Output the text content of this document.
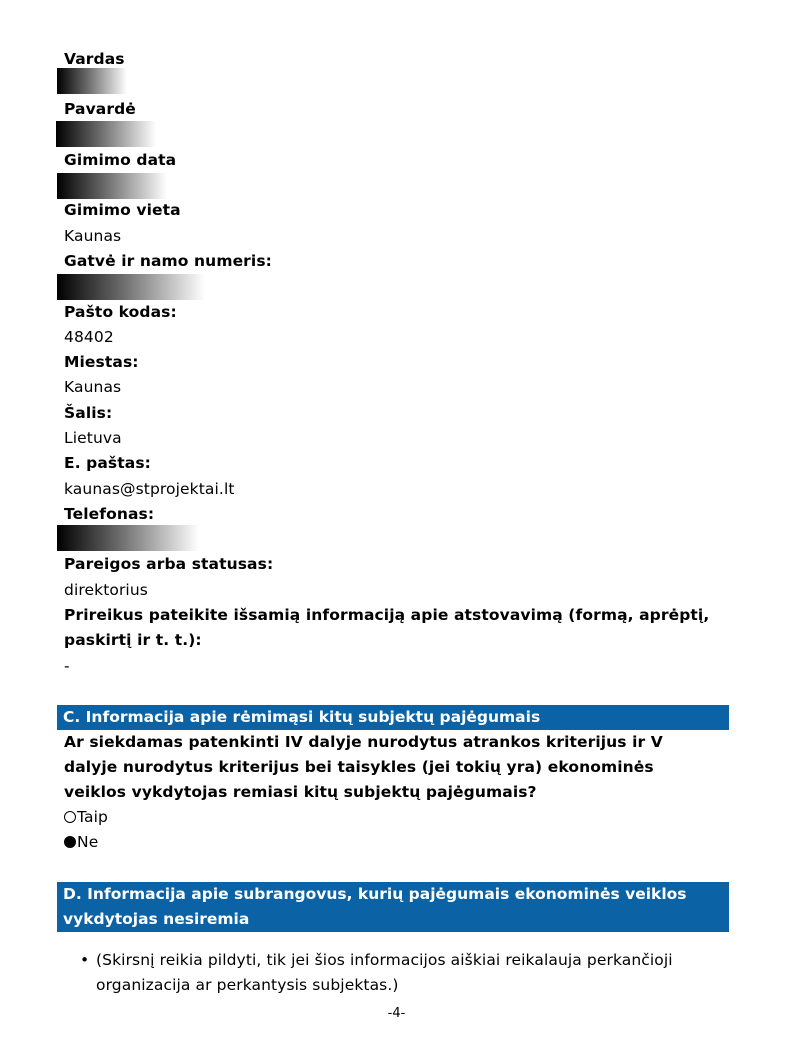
Vardas
Pavardė
Gimimo data
Gimimo vieta
Kaunas
Gatvė ir namo numeris:
Pašto kodas:
48402
Miestas:
Kaunas
Šalis:
Lietuva
E. paštas:
kaunas@stprojektai.lt
Telefonas:
Pareigos arba statusas:
direktorius
Prireikus pateikite išsamią informaciją apie atstovavimą (formą, aprėptį,
paskirtį ir t. t.):
-
C. Informacija apie rėmimąsi kitų subjektų pajėgumais
Ar siekdamas patenkinti IV dalyje nurodytus atrankos kriterijus ir V
dalyje nurodytus kriterijus bei taisykles (jei tokių yra) ekonominės
veiklos vykdytojas remiasi kitų subjektų pajėgumais?
Taip
Ne
D. Informacija apie subrangovus, kurių pajėgumais ekonominės veiklos
vykdytojas nesiremia
• (Skirsnį reikia pildyti, tik jei šios informacijos aiškiai reikalauja perkančioji
organizacija ar perkantysis subjektas.)
-4-
